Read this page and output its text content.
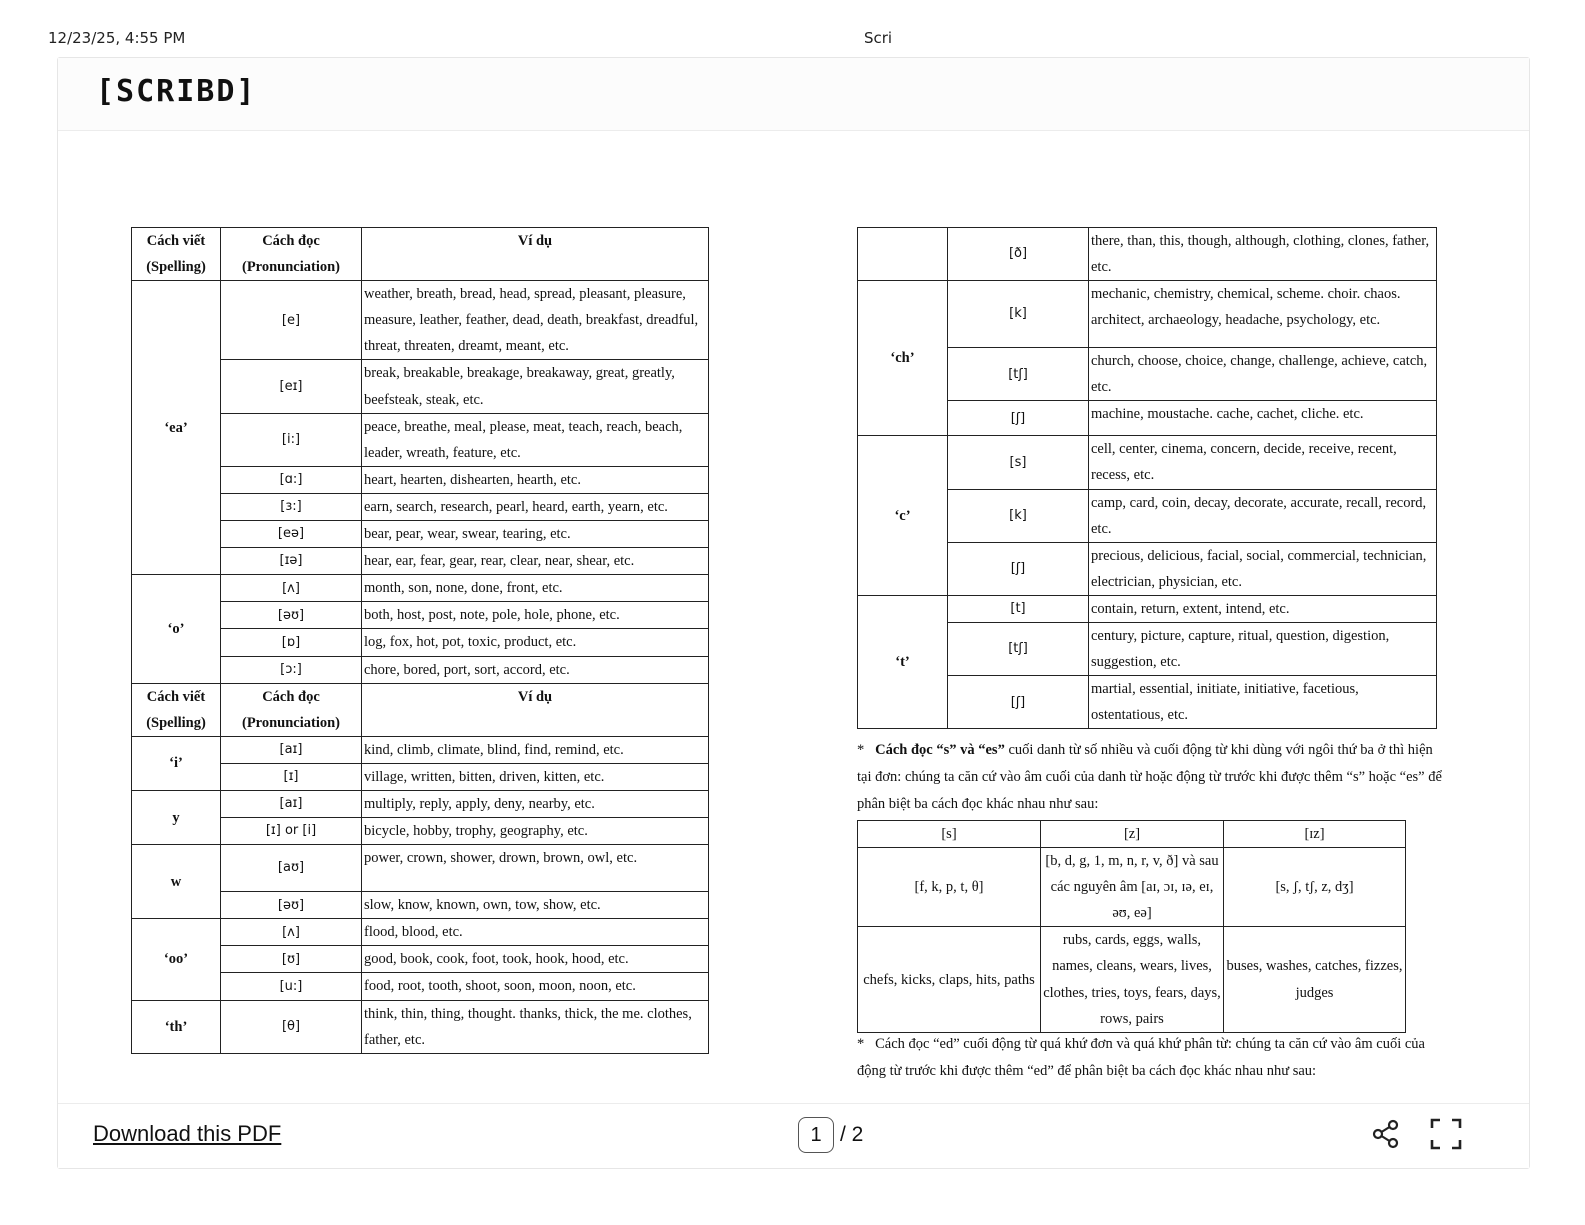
12/23/25, 4:55 PM	Scri
[SCRIBD]
Cách viết (Spelling)	Cách đọc (Pronunciation)	Ví dụ
‘ea’	[e]	weather, breath, bread, head, spread, pleasant, pleasure, measure, leather, feather, dead, death, breakfast, dreadful, threat, threaten, dreamt, meant, etc.
	[eɪ]	break, breakable, breakage, breakaway, great, greatly, beefsteak, steak, etc.
	[i:]	peace, breathe, meal, please, meat, teach, reach, beach, leader, wreath, feature, etc.
	[ɑ:]	heart, hearten, dishearten, hearth, etc.
	[ɜ:]	earn, search, research, pearl, heard, earth, yearn, etc.
	[eə]	bear, pear, wear, swear, tearing, etc.
	[ɪə]	hear, ear, fear, gear, rear, clear, near, shear, etc.
‘o’	[ʌ]	month, son, none, done, front, etc.
	[əʊ]	both, host, post, note, pole, hole, phone, etc.
	[ɒ]	log, fox, hot, pot, toxic, product, etc.
	[ɔ:]	chore, bored, port, sort, accord, etc.
Cách viết (Spelling)	Cách đọc (Pronunciation)	Ví dụ
‘i’	[aɪ]	kind, climb, climate, blind, find, remind, etc.
	[ɪ]	village, written, bitten, driven, kitten, etc.
y	[aɪ]	multiply, reply, apply, deny, nearby, etc.
	[ɪ] or [i]	bicycle, hobby, trophy, geography, etc.
w	[aʊ]	power, crown, shower, drown, brown, owl, etc.
	[əʊ]	slow, know, known, own, tow, show, etc.
‘oo’	[ʌ]	flood, blood, etc.
	[ʊ]	good, book, cook, foot, took, hook, hood, etc.
	[u:]	food, root, tooth, shoot, soon, moon, noon, etc.
‘th’	[θ]	think, thin, thing, thought. thanks, thick, the me. clothes, father, etc.
	[ð]	there, than, this, though, although, clothing, clones, father, etc.
‘ch’	[k]	mechanic, chemistry, chemical, scheme. choir. chaos. architect, archaeology, headache, psychology, etc.
	[tʃ]	church, choose, choice, change, challenge, achieve, catch, etc.
	[ʃ]	machine, moustache. cache, cachet, cliche. etc.
‘c’	[s]	cell, center, cinema, concern, decide, receive, recent, recess, etc.
	[k]	camp, card, coin, decay, decorate, accurate, recall, record, etc.
	[ʃ]	precious, delicious, facial, social, commercial, technician, electrician, physician, etc.
‘t’	[t]	contain, return, extent, intend, etc.
	[tʃ]	century, picture, capture, ritual, question, digestion, suggestion, etc.
	[ʃ]	martial, essential, initiate, initiative, facetious, ostentatious, etc.
* Cách đọc “s” và “es” cuối danh từ số nhiều và cuối động từ khi dùng với ngôi thứ ba ở thì hiện tại đơn: chúng ta căn cứ vào âm cuối của danh từ hoặc động từ trước khi được thêm “s” hoặc “es” để phân biệt ba cách đọc khác nhau như sau:
[s]	[z]	[ɪz]
[f, k, p, t, θ]	[b, d, g, 1, m, n, r, v, ð] và sau các nguyên âm [aɪ, ɔɪ, ɪə, eɪ, əʊ, eə]	[s, ʃ, tʃ, z, dʒ]
chefs, kicks, claps, hits, paths	rubs, cards, eggs, walls, names, cleans, wears, lives, clothes, tries, toys, fears, days, rows, pairs	buses, washes, catches, fizzes, judges
* Cách đọc “ed” cuối động từ quá khứ đơn và quá khứ phân từ: chúng ta căn cứ vào âm cuối của động từ trước khi được thêm “ed” để phân biệt ba cách đọc khác nhau như sau:
Download this PDF	1 / 2
